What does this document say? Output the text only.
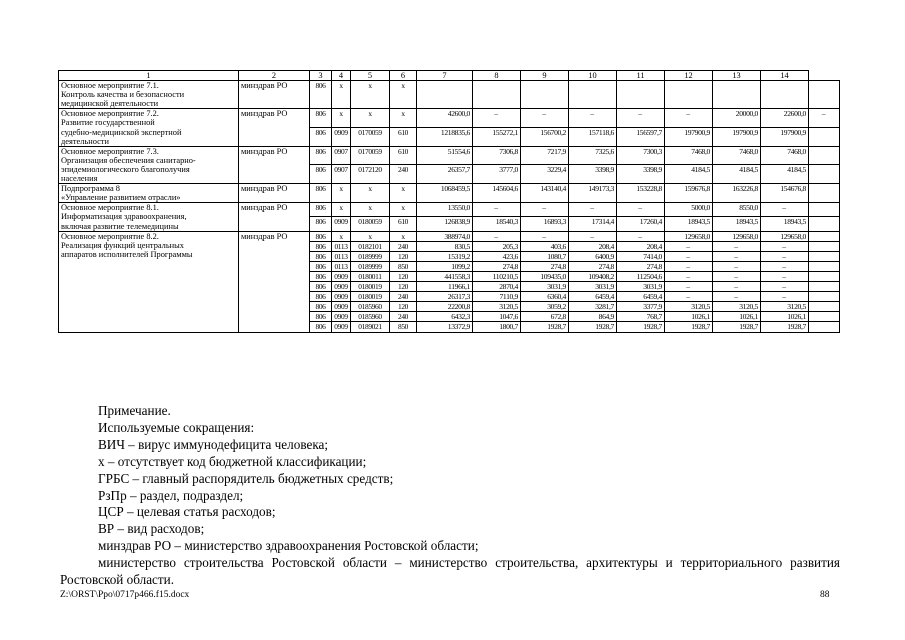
1	2	3	4	5	6	7	8	9	10	11	12	13	14	

Основное мероприятие 7.1.
Контроль качества и безопасности
медицинской деятельности	минздрав РО	806	х	х	х									

Основное мероприятие 7.2.
Развитие государственной
судебно-медицинской экспертной
деятельности	минздрав РО	806	х	х	х	42600,0	–	–	–	–	–	20000,0	22600,0	–
		806	0909	0170059	610	1218835,6	155272,1	156700,2	157118,6	156597,7	197900,9	197900,9	197900,9	

Основное мероприятие 7.3.
Организация обеспечения санитарно-
эпидемиологического благополучия
населения	минздрав РО	806	0907	0170059	610	51554,6	7306,8	7217,9	7325,6	7300,3	7468,0	7468,0	7468,0	
		806	0907	0172120	240	26357,7	3777,0	3229,4	3398,9	3398,9	4184,5	4184,5	4184,5	

Подпрограмма 8
«Управление развитием отрасли»	минздрав РО	806	х	х	х	1068459,5	145604,6	143140,4	149173,3	153228,8	159676,8	163226,8	154676,8	

Основное мероприятие 8.1.
Информатизация здравоохранения,
включая развитие телемедицины	минздрав РО	806	х	х	х	13550,0	–	–	–	–	5000,0	8550,0	–	
		806	0909	0180059	610	126838,9	18540,3	16893,3	17314,4	17260,4	18943,5	18943,5	18943,5	

Основное мероприятие 8.2.
Реализация функций центральных
аппаратов исполнителей Программы	минздрав РО	806	х	х	х	388974,0	–	–	–	–	129658,0	129658,0	129658,0	
		806	0113	0182101	240	830,5	205,3	403,6	208,4	208,4	–	–	–	
		806	0113	0189999	120	15319,2	423,6	1080,7	6400,9	7414,0	–	–	–	
		806	0113	0189999	850	1099,2	274,8	274,8	274,8	274,8	–	–	–	
		806	0909	0180011	120	441558,3	110210,5	109435,0	109408,2	112504,6	–	–	–	
		806	0909	0180019	120	11966,1	2870,4	3031,9	3031,9	3031,9	–	–	–	
		806	0909	0180019	240	26317,3	7110,9	6360,4	6459,4	6459,4	–	–	–	
		806	0909	0185960	120	22200,8	3120,5	3059,2	3281,7	3377,9	3120,5	3120,5	3120,5	
		806	0909	0185960	240	6432,3	1047,6	672,8	864,9	768,7	1026,1	1026,1	1026,1	
		806	0909	0189021	850	13372,9	1800,7	1928,7	1928,7	1928,7	1928,7	1928,7	1928,7	

Примечание.

Используемые сокращения:

ВИЧ – вирус иммунодефицита человека;

х – отсутствует код бюджетной классификации;

ГРБС – главный распорядитель бюджетных средств;

РзПр – раздел, подраздел;

ЦСР – целевая статья расходов;

ВР – вид расходов;

минздрав РО – министерство здравоохранения Ростовской области;

министерство строительства Ростовской области – министерство строительства, архитектуры и территориального развития Ростовской области.

Z:\ORST\Ppo\0717p466.f15.docx	88
